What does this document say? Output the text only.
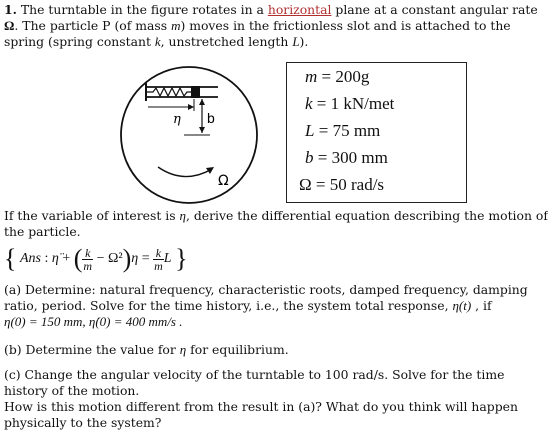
1. The turntable in the figure rotates in a horizontal plane at a constant angular rate
Ω. The particle P (of mass m) moves in the frictionless slot and is attached to the
spring (spring constant k, unstretched length L).
b
η
Ω
m = 200g
k = 1 kN/met
L = 75 mm
b = 300 mm
Ω = 50 rad/s
If the variable of interest is η, derive the differential equation describing the motion of
the particle.
{ Ans : η̈ + ( $\frac{k}{m} - \Omega^2)\eta = \frac{k}{m}$ L }
(a) Determine: natural frequency, characteristic roots, damped frequency, damping
ratio, period. Solve for the time history, i.e., the system total response, η(t) , if
η(0) = 150 mm, η̇(0) = 400 mm/s .
(b) Determine the value for η for equilibrium.
(c) Change the angular velocity of the turntable to 100 rad/s. Solve for the time
history of the motion.
How is this motion different from the result in (a)? What do you think will happen
physically to the system?
